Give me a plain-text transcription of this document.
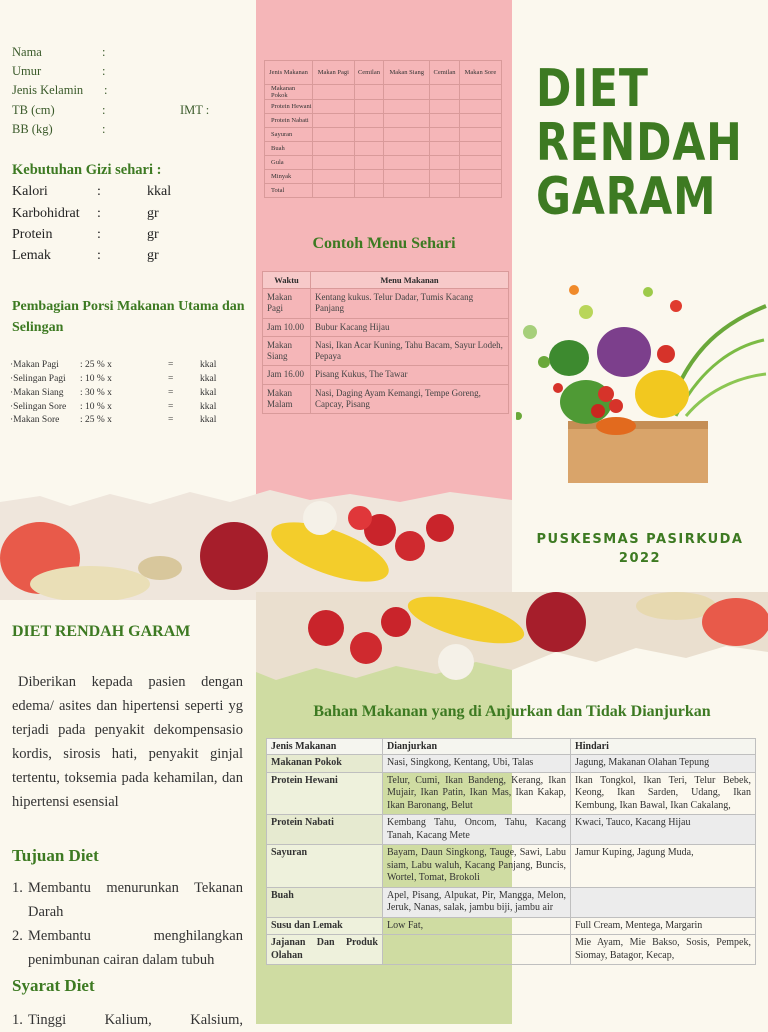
Nama	:
Umur	:
Jenis Kelamin :
TB (cm)	:	IMT :
BB (kg)	:
Kebutuhan Gizi sehari :
Kalori	:	kkal
Karbohidrat :	gr
Protein	:	gr
Lemak	:	gr
Pembagian Porsi Makanan Utama dan Selingan
·Makan Pagi : 25 % x	=	kkal
·Selingan Pagi : 10 % x	=	kkal
·Makan Siang : 30 % x	=	kkal
·Selingan Sore : 10 % x	=	kkal
·Makan Sore : 25 % x	=	kkal
Jenis Makanan	Makan Pagi	Cemilan	Makan Siang	Cemilan	Makan Sore
Makanan Pokok					
Protein Hewani					
Protein Nabati					
Sayuran					
Buah					
Gula					
Minyak					
Total					
Contoh Menu Sehari
Waktu	Menu Makanan
Makan Pagi	Kentang kukus. Telur Dadar, Tumis Kacang Panjang
Jam 10.00	Bubur Kacang Hijau
Makan Siang	Nasi, Ikan Acar Kuning, Tahu Bacam, Sayur Lodeh, Pepaya
Jam 16.00	Pisang Kukus, The Tawar
Makan Malam	Nasi, Daging Ayam Kemangi, Tempe Goreng, Capcay, Pisang
DIET
RENDAH
GARAM
PUSKESMAS PASIRKUDA
2022
DIET RENDAH GARAM

Diberikan kepada pasien dengan edema/ asites dan hipertensi seperti yg terjadi pada penyakit dekompensasio kordis, sirosis hati, penyakit ginjal tertentu, toksemia pada kehamilan, dan hipertensi esensial

Tujuan Diet
1. Membantu menurunkan Tekanan Darah
2. Membantu menghilangkan penimbunan cairan dalam tubuh
Syarat Diet
1. Tinggi Kalium, Kalsium,
Bahan Makanan yang di Anjurkan dan Tidak Dianjurkan
Jenis Makanan	Dianjurkan	Hindari
Makanan Pokok	Nasi, Singkong, Kentang, Ubi, Talas	Jagung, Makanan Olahan Tepung
Protein Hewani	Telur, Cumi, Ikan Bandeng, Kerang, Ikan Mujair, Ikan Patin, Ikan Mas, Ikan Kakap, Ikan Baronang, Belut	Ikan Tongkol, Ikan Teri, Telur Bebek, Keong, Ikan Sarden, Udang, Ikan Kembung, Ikan Bawal, Ikan Cakalang,
Protein Nabati	Kembang Tahu, Oncom, Tahu, Kacang Tanah, Kacang Mete	Kwaci, Tauco, Kacang Hijau
Sayuran	Bayam, Daun Singkong, Tauge, Sawi, Labu siam, Labu waluh, Kacang Panjang, Buncis, Wortel, Tomat, Brokoli	Jamur Kuping, Jagung Muda,
Buah	Apel, Pisang, Alpukat, Pir, Mangga, Melon, Jeruk, Nanas, salak, jambu biji, jambu air	
Susu dan Lemak	Low Fat,	Full Cream, Mentega, Margarin
Jajanan Dan Produk Olahan		Mie Ayam, Mie Bakso, Sosis, Pempek, Siomay, Batagor, Kecap,
